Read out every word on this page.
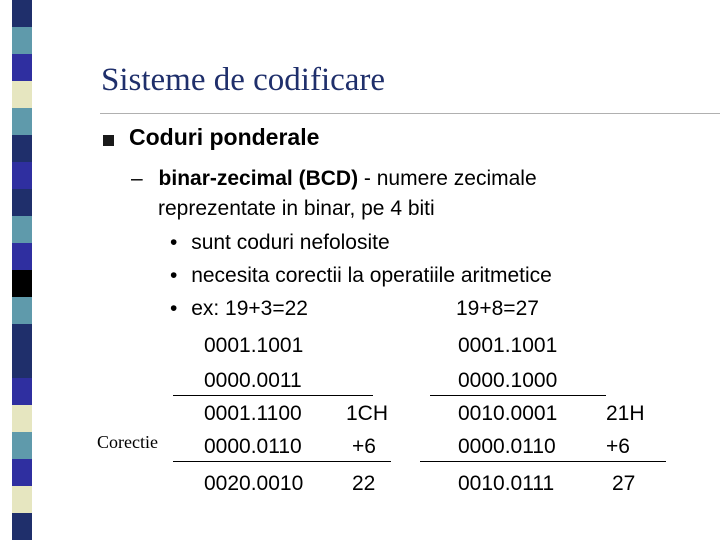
Sisteme de codificare
Coduri ponderale
– binar-zecimal (BCD) - numere zecimale
reprezentate in binar, pe 4 biti
• sunt coduri nefolosite
• necesita corectii la operatiile aritmetice
• ex: 19+3=22	19+8=27
0001.1001
0000.0011
0001.1100 1CH
Corectie 0000.0110 +6
0020.0010 22
0001.1001
0000.1000
0010.0001 21H
0000.0110 +6
0010.0111	27
